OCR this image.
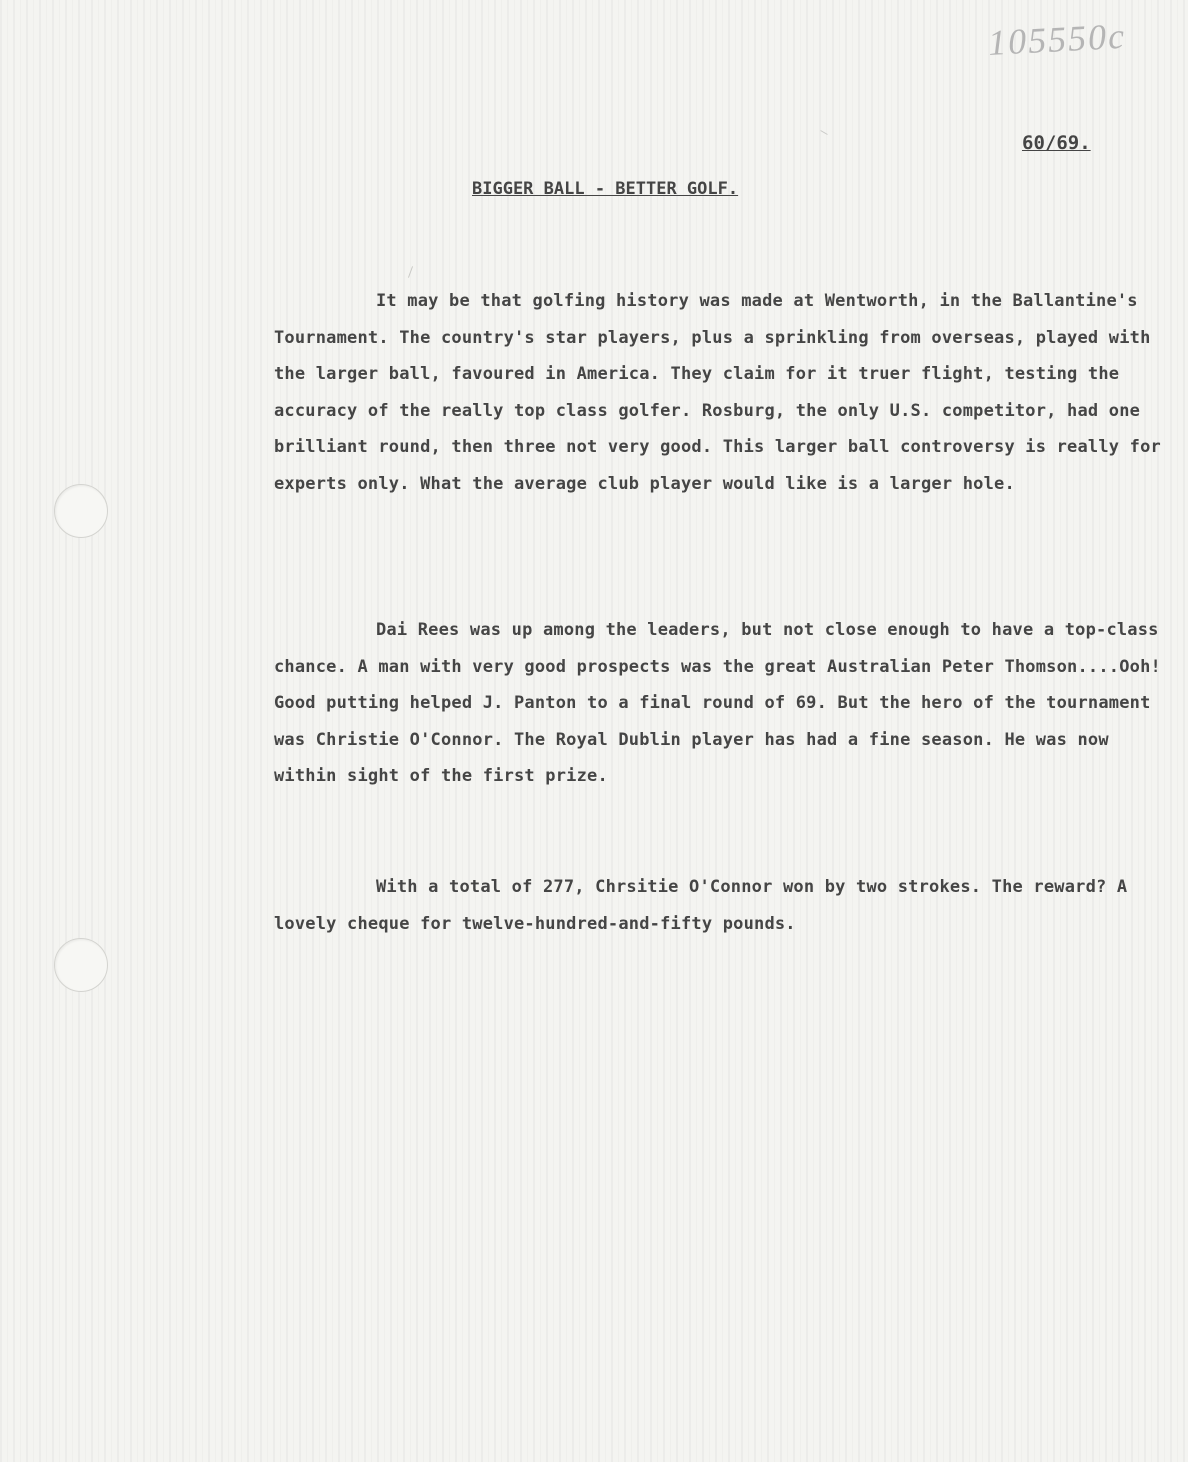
105550c

60/69.

BIGGER BALL - BETTER GOLF.

It may be that golfing history was made at Wentworth, in the Ballantine's Tournament. The country's star players, plus a sprinkling from overseas, played with the larger ball, favoured in America. They claim for it truer flight, testing the accuracy of the really top class golfer. Rosburg, the only U.S. competitor, had one brilliant round, then three not very good. This larger ball controversy is really for experts only. What the average club player would like is a larger hole.

Dai Rees was up among the leaders, but not close enough to have a top-class chance. A man with very good prospects was the great Australian Peter Thomson....Ooh! Good putting helped J. Panton to a final round of 69. But the hero of the tournament was Christie O'Connor. The Royal Dublin player has had a fine season. He was now within sight of the first prize.

With a total of 277, Chrsitie O'Connor won by two strokes. The reward? A lovely cheque for twelve-hundred-and-fifty pounds.
